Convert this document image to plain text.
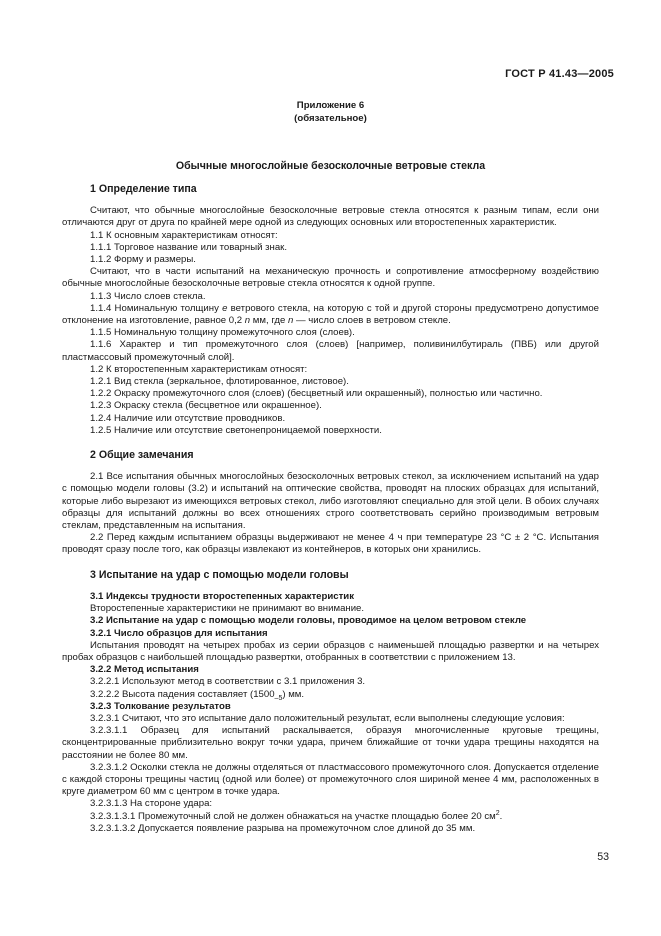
ГОСТ Р 41.43—2005
Приложение 6
(обязательное)
Обычные многослойные безосколочные ветровые стекла

1 Определение типа

Считают, что обычные многослойные безосколочные ветровые стекла относятся к разным типам, если они отличаются друг от друга по крайней мере одной из следующих основных или второстепенных характеристик.

1.1 К основным характеристикам относят:

1.1.1 Торговое название или товарный знак.

1.1.2 Форму и размеры.

Считают, что в части испытаний на механическую прочность и сопротивление атмосферному воздействию обычные многослойные безосколочные ветровые стекла относятся к одной группе.

1.1.3 Число слоев стекла.

1.1.4 Номинальную толщину е ветрового стекла, на которую с той и другой стороны предусмотрено допустимое отклонение на изготовление, равное 0,2 n мм, где n — число слоев в ветровом стекле.

1.1.5 Номинальную толщину промежуточного слоя (слоев).

1.1.6 Характер и тип промежуточного слоя (слоев) [например, поливинилбутираль (ПВБ) или другой пластмассовый промежуточный слой].

1.2 К второстепенным характеристикам относят:

1.2.1 Вид стекла (зеркальное, флотированное, листовое).

1.2.2 Окраску промежуточного слоя (слоев) (бесцветный или окрашенный), полностью или частично.

1.2.3 Окраску стекла (бесцветное или окрашенное).

1.2.4 Наличие или отсутствие проводников.

1.2.5 Наличие или отсутствие светонепроницаемой поверхности.

2 Общие замечания

2.1 Все испытания обычных многослойных безосколочных ветровых стекол, за исключением испытаний на удар с помощью модели головы (3.2) и испытаний на оптические свойства, проводят на плоских образцах для испытаний, которые либо вырезают из имеющихся ветровых стекол, либо изготовляют специально для этой цели. В обоих случаях образцы для испытаний должны во всех отношениях строго соответствовать серийно производимым ветровым стеклам, представленным на испытания.

2.2 Перед каждым испытанием образцы выдерживают не менее 4 ч при температуре 23 °С ± 2 °С. Испытания проводят сразу после того, как образцы извлекают из контейнеров, в которых они хранились.

3 Испытание на удар с помощью модели головы

3.1 Индексы трудности второстепенных характеристик

Второстепенные характеристики не принимают во внимание.

3.2 Испытание на удар с помощью модели головы, проводимое на целом ветровом стекле

3.2.1 Число образцов для испытания

Испытания проводят на четырех пробах из серии образцов с наименьшей площадью развертки и на четырех пробах образцов с наибольшей площадью развертки, отобранных в соответствии с приложением 13.

3.2.2 Метод испытания

3.2.2.1 Используют метод в соответствии с 3.1 приложения 3.

3.2.2.2 Высота падения составляет $(1500_{-5})$ мм.

3.2.3 Толкование результатов

3.2.3.1 Считают, что это испытание дало положительный результат, если выполнены следующие условия:

3.2.3.1.1 Образец для испытаний раскалывается, образуя многочисленные круговые трещины, сконцентрированные приблизительно вокруг точки удара, причем ближайшие от точки удара трещины находятся на расстоянии не более 80 мм.

3.2.3.1.2 Осколки стекла не должны отделяться от пластмассового промежуточного слоя. Допускается отделение с каждой стороны трещины частиц (одной или более) от промежуточного слоя шириной менее 4 мм, расположенных в круге диаметром 60 мм с центром в точке удара.

3.2.3.1.3 На стороне удара:

3.2.3.1.3.1 Промежуточный слой не должен обнажаться на участке площадью более 20 $см^2$.

3.2.3.1.3.2 Допускается появление разрыва на промежуточном слое длиной до 35 мм.

53
